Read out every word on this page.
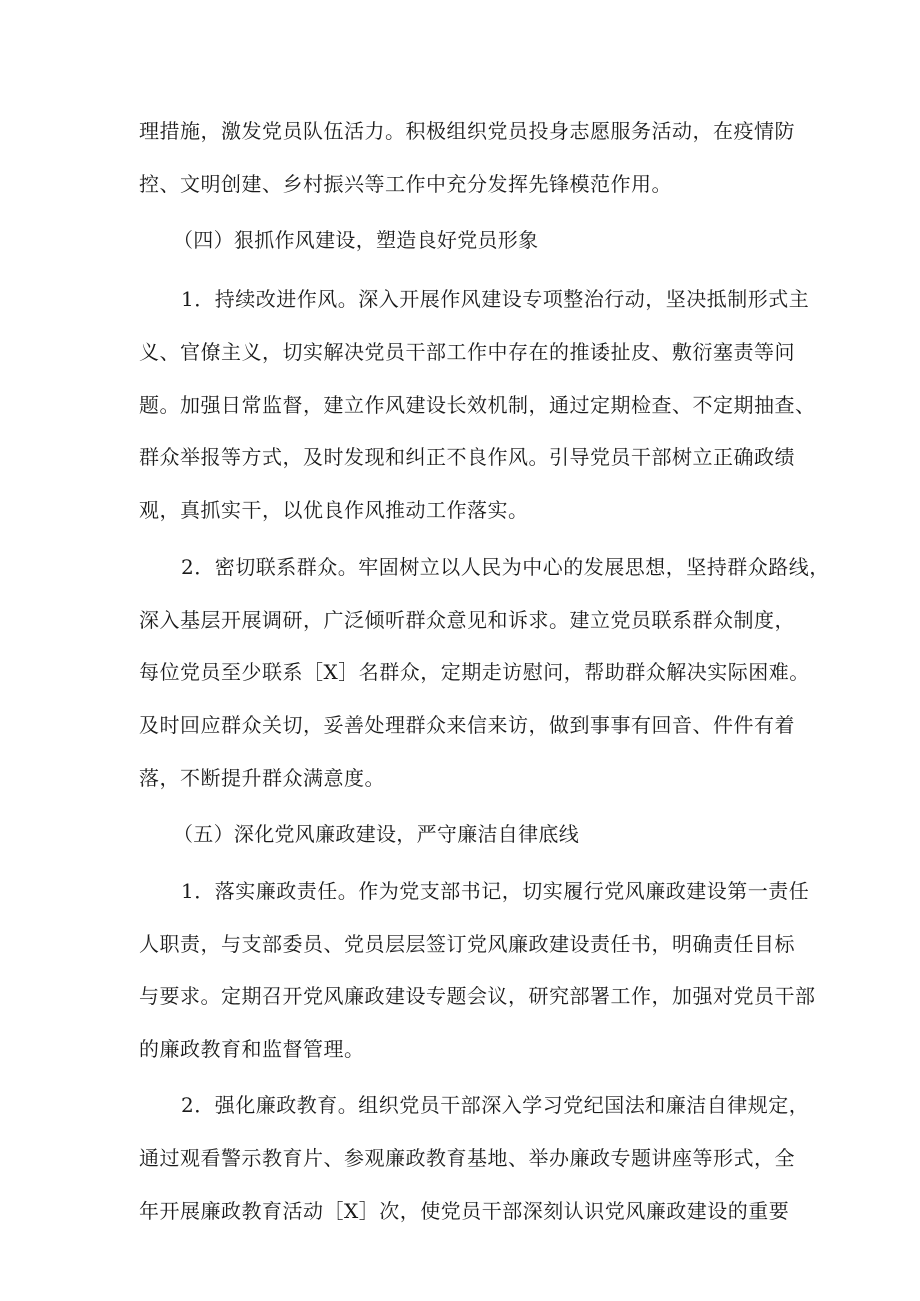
理措施，激发党员队伍活力。积极组织党员投身志愿服务活动，在疫情防
控、文明创建、乡村振兴等工作中充分发挥先锋模范作用。
（四）狠抓作风建设，塑造良好党员形象
1．持续改进作风。深入开展作风建设专项整治行动，坚决抵制形式主
义、官僚主义，切实解决党员干部工作中存在的推诿扯皮、敷衍塞责等问
题。加强日常监督，建立作风建设长效机制，通过定期检查、不定期抽查、
群众举报等方式，及时发现和纠正不良作风。引导党员干部树立正确政绩
观，真抓实干，以优良作风推动工作落实。
2．密切联系群众。牢固树立以人民为中心的发展思想，坚持群众路线，
深入基层开展调研，广泛倾听群众意见和诉求。建立党员联系群众制度，
每位党员至少联系［X］名群众，定期走访慰问，帮助群众解决实际困难。
及时回应群众关切，妥善处理群众来信来访，做到事事有回音、件件有着
落，不断提升群众满意度。
（五）深化党风廉政建设，严守廉洁自律底线
1．落实廉政责任。作为党支部书记，切实履行党风廉政建设第一责任
人职责，与支部委员、党员层层签订党风廉政建设责任书，明确责任目标
与要求。定期召开党风廉政建设专题会议，研究部署工作，加强对党员干部
的廉政教育和监督管理。
2．强化廉政教育。组织党员干部深入学习党纪国法和廉洁自律规定，
通过观看警示教育片、参观廉政教育基地、举办廉政专题讲座等形式，全
年开展廉政教育活动［X］次，使党员干部深刻认识党风廉政建设的重要
